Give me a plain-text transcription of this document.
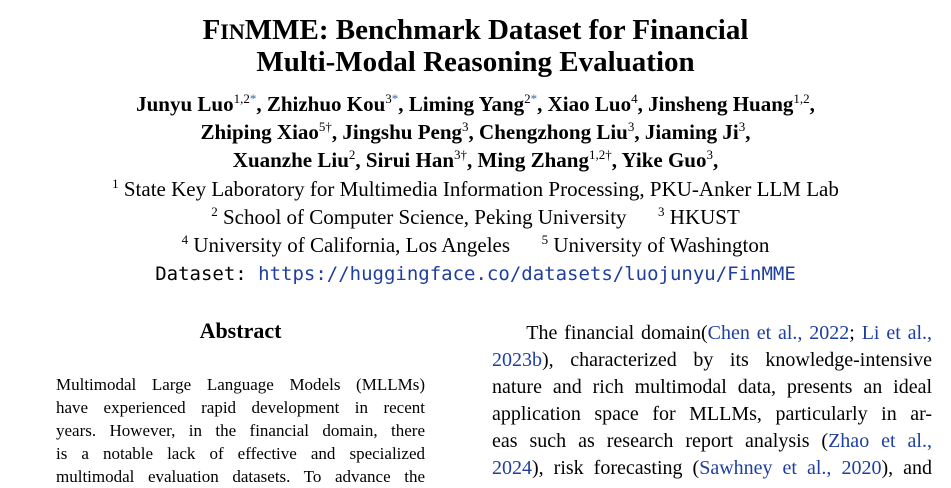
FINMME: Benchmark Dataset for Financial
Multi-Modal Reasoning Evaluation
Junyu Luo$^{1,2*}$, Zhizhuo Kou$^{3*}$, Liming Yang$^{2*}$, Xiao Luo$^4$, Jinsheng Huang$^{1,2}$,
Zhiping Xiao$^{5\dagger}$, Jingshu Peng$^3$, Chengzhong Liu$^3$, Jiaming Ji$^3$,
Xuanzhe Liu$^2$, Sirui Han$^{3\dagger}$, Ming Zhang$^{1,2\dagger}$, Yike Guo$^3$,
$^1$ State Key Laboratory for Multimedia Information Processing, PKU-Anker LLM Lab
$^2$ School of Computer Science, Peking University $^3$ HKUST
$^4$ University of California, Los Angeles $^5$ University of Washington
Dataset: https://huggingface.co/datasets/luojunyu/FinMME
Abstract
Multimodal Large Language Models (MLLMs)
have experienced rapid development in recent
years. However, in the financial domain, there
is a notable lack of effective and specialized
multimodal evaluation datasets. To advance the
The financial domain(Chen et al., 2022; Li et al.,
2023b), characterized by its knowledge-intensive
nature and rich multimodal data, presents an ideal
application space for MLLMs, particularly in ar-
eas such as research report analysis (Zhao et al.,
2024), risk forecasting (Sawhney et al., 2020), and
